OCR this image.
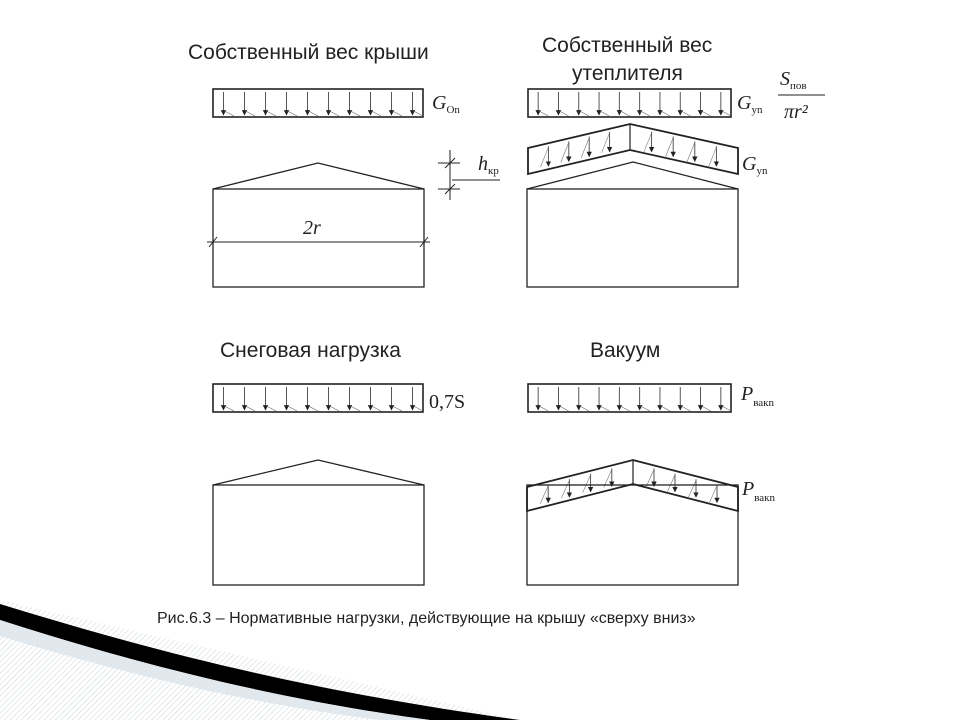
Собственный вес крыши
$G_{Оn}$
$h_{кр}$
2r
Собственный вес
утеплителя
$G_{уn}$
$S_{пов}$
πr²
$G_{уn}$
Снеговая нагрузка
0,7S
Вакуум
$P_{вакn}$
$P_{вакn}$
Рис.6.3 – Нормативные нагрузки, действующие на крышу «сверху вниз»
